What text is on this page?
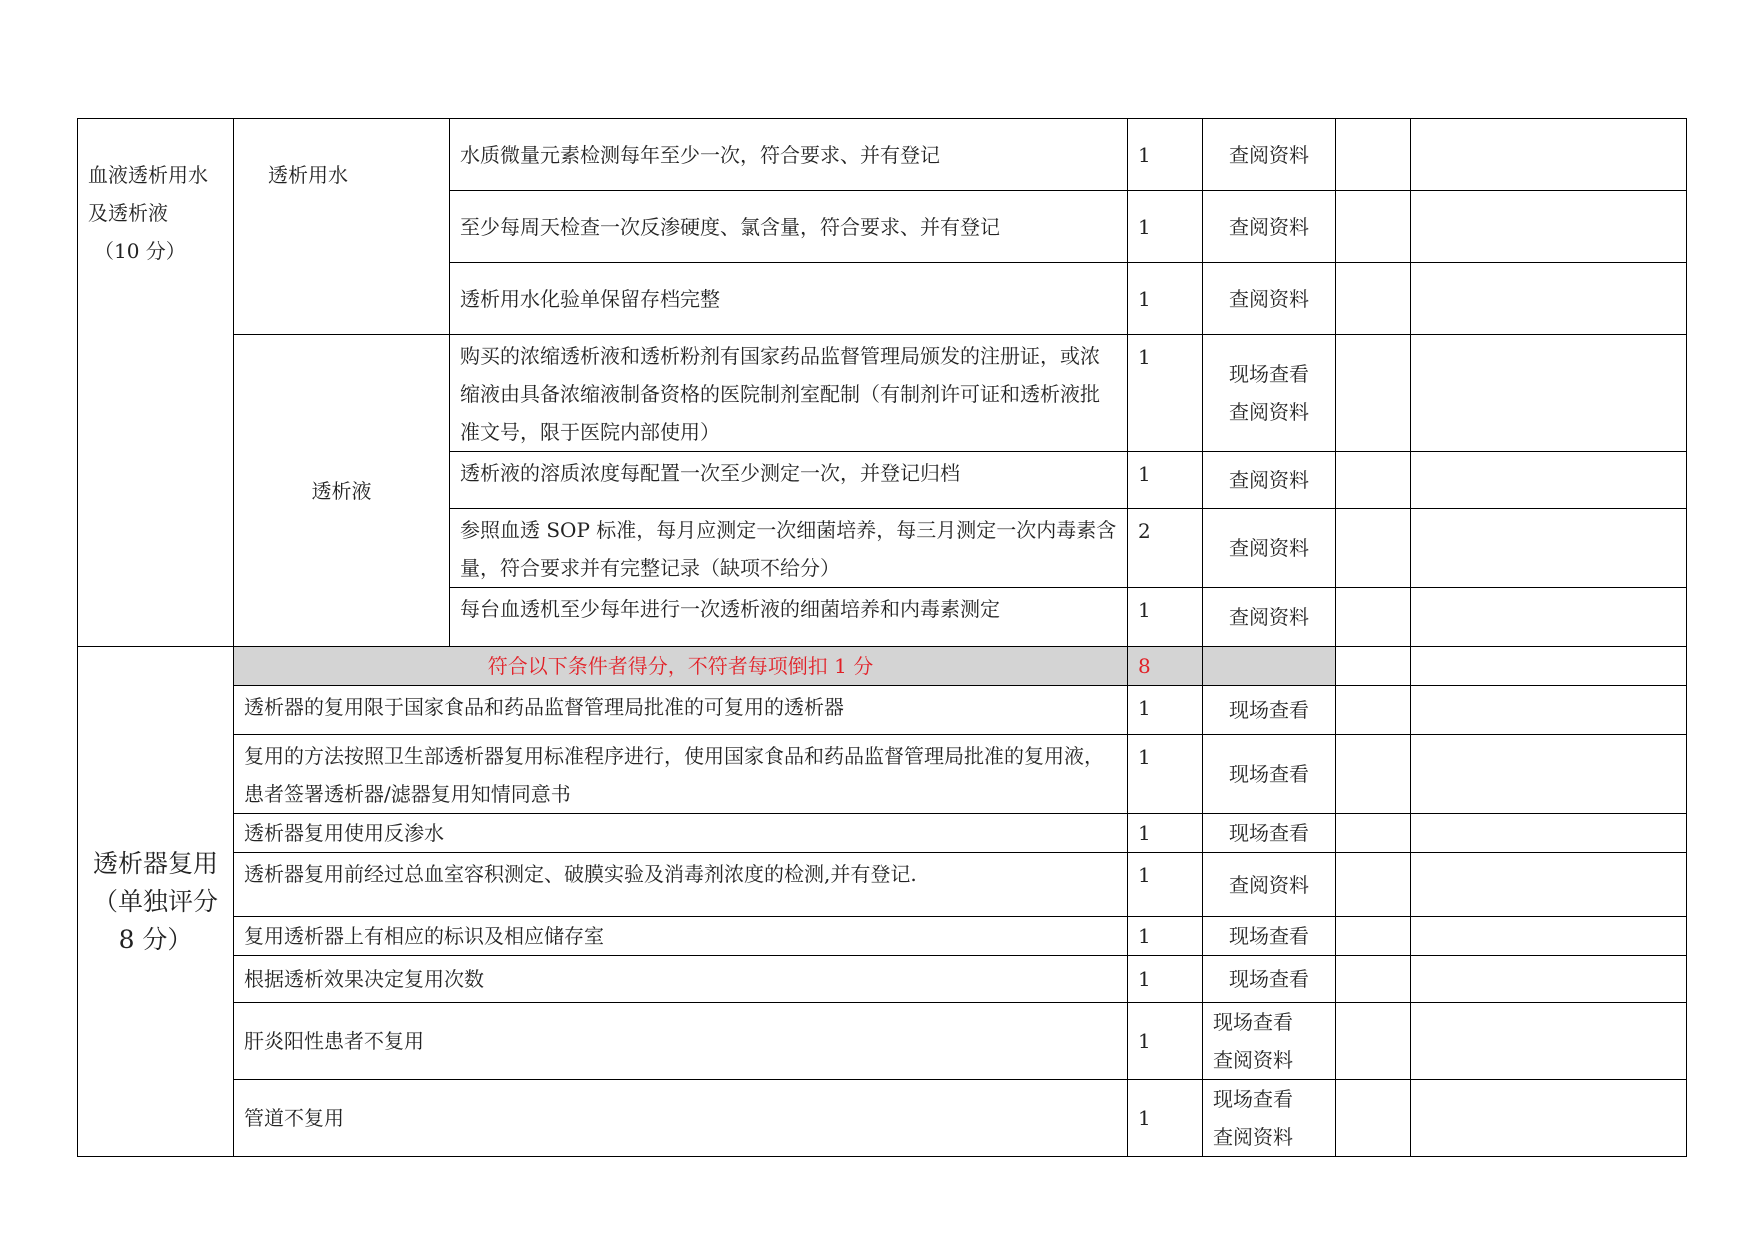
血液透析用水
及透析液
（10 分）	透析用水	水质微量元素检测每年至少一次，符合要求、并有登记	1	查阅资料		
		至少每周天检查一次反渗硬度、氯含量，符合要求、并有登记	1	查阅资料		
		透析用水化验单保留存档完整	1	查阅资料		
	透析液	购买的浓缩透析液和透析粉剂有国家药品监督管理局颁发的注册证，或浓缩液由具备浓缩液制备资格的医院制剂室配制（有制剂许可证和透析液批准文号，限于医院内部使用）	1	现场查看
查阅资料		

		透析液的溶质浓度每配置一次至少测定一次，并登记归档	1	查阅资料		
		参照血透 SOP 标准，每月应测定一次细菌培养，每三月测定一次内毒素含量，符合要求并有完整记录（缺项不给分）	2	查阅资料		
		每台血透机至少每年进行一次透析液的细菌培养和内毒素测定	1	查阅资料		

透析器复用
（单独评分
8 分）	符合以下条件者得分，不符者每项倒扣 1 分		8			
	透析器的复用限于国家食品和药品监督管理局批准的可复用的透析器		1	现场查看		
	复用的方法按照卫生部透析器复用标准程序进行，使用国家食品和药品监督管理局批准的复用液，患者签署透析器/滤器复用知情同意书		1	现场查看		
	透析器复用使用反渗水		1	现场查看		
	透析器复用前经过总血室容积测定、破膜实验及消毒剂浓度的检测,并有登记.		1	查阅资料		
	复用透析器上有相应的标识及相应储存室		1	现场查看		
	根据透析效果决定复用次数		1	现场查看		
	肝炎阳性患者不复用		1	现场查看
查阅资料		

	管道不复用		1	现场查看
查阅资料		
